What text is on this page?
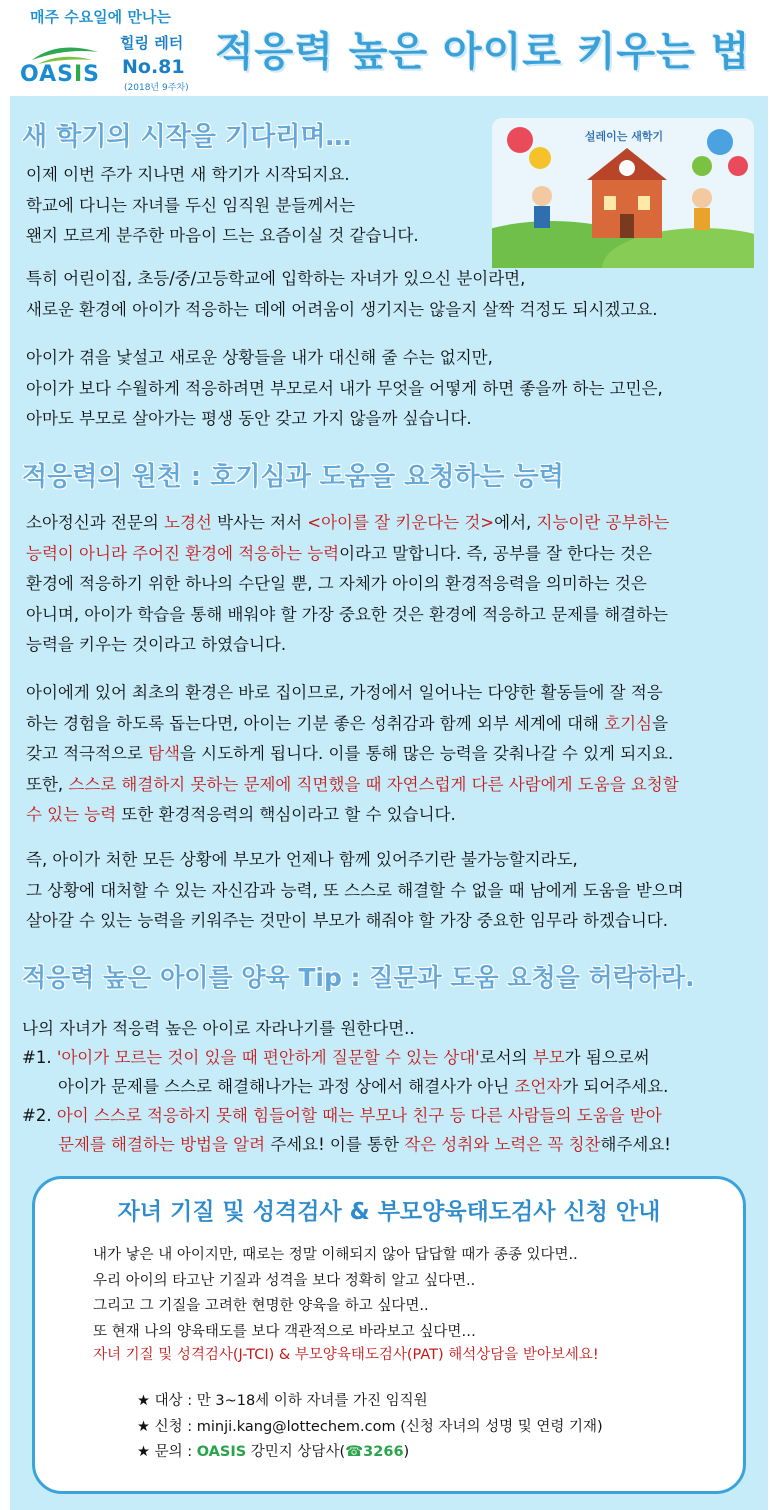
매주 수요일에 만나는
힐링 레터
OASIS No.81
(2018년 9주차)
적응력 높은 아이로 키우는 법
설레이는 새학기
새 학기의 시작을 기다리며…

이제 이번 주가 지나면 새 학기가 시작되지요.

학교에 다니는 자녀를 두신 임직원 분들께서는

왠지 모르게 분주한 마음이 드는 요즘이실 것 같습니다.

특히 어린이집, 초등/중/고등학교에 입학하는 자녀가 있으신 분이라면,

새로운 환경에 아이가 적응하는 데에 어려움이 생기지는 않을지 살짝 걱정도 되시겠고요.

아이가 겪을 낯설고 새로운 상황들을 내가 대신해 줄 수는 없지만,

아이가 보다 수월하게 적응하려면 부모로서 내가 무엇을 어떻게 하면 좋을까 하는 고민은,

아마도 부모로 살아가는 평생 동안 갖고 가지 않을까 싶습니다.

적응력의 원천 : 호기심과 도움을 요청하는 능력

소아정신과 전문의 노경선 박사는 저서 <아이를 잘 키운다는 것>에서, 지능이란 공부하는

능력이 아니라 주어진 환경에 적응하는 능력이라고 말합니다. 즉, 공부를 잘 한다는 것은

환경에 적응하기 위한 하나의 수단일 뿐, 그 자체가 아이의 환경적응력을 의미하는 것은

아니며, 아이가 학습을 통해 배워야 할 가장 중요한 것은 환경에 적응하고 문제를 해결하는

능력을 키우는 것이라고 하였습니다.

아이에게 있어 최초의 환경은 바로 집이므로, 가정에서 일어나는 다양한 활동들에 잘 적응

하는 경험을 하도록 돕는다면, 아이는 기분 좋은 성취감과 함께 외부 세계에 대해 호기심을

갖고 적극적으로 탐색을 시도하게 됩니다. 이를 통해 많은 능력을 갖춰나갈 수 있게 되지요.

또한, 스스로 해결하지 못하는 문제에 직면했을 때 자연스럽게 다른 사람에게 도움을 요청할

수 있는 능력 또한 환경적응력의 핵심이라고 할 수 있습니다.

즉, 아이가 처한 모든 상황에 부모가 언제나 함께 있어주기란 불가능할지라도,

그 상황에 대처할 수 있는 자신감과 능력, 또 스스로 해결할 수 없을 때 남에게 도움을 받으며

살아갈 수 있는 능력을 키워주는 것만이 부모가 해줘야 할 가장 중요한 임무라 하겠습니다.

적응력 높은 아이를 양육 Tip : 질문과 도움 요청을 허락하라.

나의 자녀가 적응력 높은 아이로 자라나기를 원한다면..

#1. '아이가 모르는 것이 있을 때 편안하게 질문할 수 있는 상대'로서의 부모가 됨으로써

아이가 문제를 스스로 해결해나가는 과정 상에서 해결사가 아닌 조언자가 되어주세요.

#2. 아이 스스로 적응하지 못해 힘들어할 때는 부모나 친구 등 다른 사람들의 도움을 받아

문제를 해결하는 방법을 알려 주세요! 이를 통한 작은 성취와 노력은 꼭 칭찬해주세요!

자녀 기질 및 성격검사 & 부모양육태도검사 신청 안내

내가 낳은 내 아이지만, 때로는 정말 이해되지 않아 답답할 때가 종종 있다면..

우리 아이의 타고난 기질과 성격을 보다 정확히 알고 싶다면..

그리고 그 기질을 고려한 현명한 양육을 하고 싶다면..

또 현재 나의 양육태도를 보다 객관적으로 바라보고 싶다면…

자녀 기질 및 성격검사(J-TCI) & 부모양육태도검사(PAT) 해석상담을 받아보세요!

★ 대상 : 만 3~18세 이하 자녀를 가진 임직원

★ 신청 : minji.kang@lottechem.com (신청 자녀의 성명 및 연령 기재)

★ 문의 : OASIS 강민지 상담사(☎3266)
